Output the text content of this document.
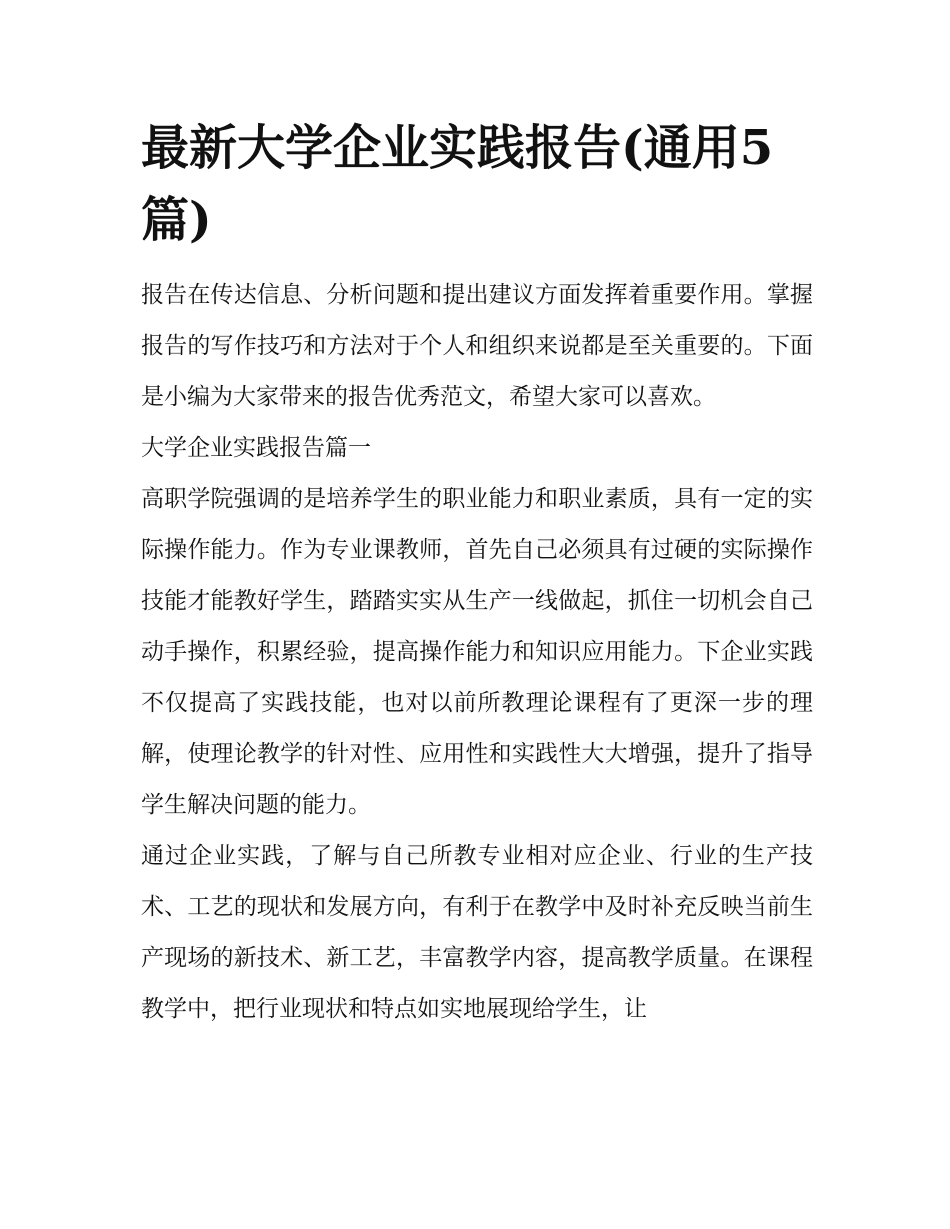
最新大学企业实践报告(通用5篇)

报告在传达信息、分析问题和提出建议方面发挥着重要作用。掌握报告的写作技巧和方法对于个人和组织来说都是至关重要的。下面是小编为大家带来的报告优秀范文，希望大家可以喜欢。

大学企业实践报告篇一

高职学院强调的是培养学生的职业能力和职业素质，具有一定的实际操作能力。作为专业课教师，首先自己必须具有过硬的实际操作技能才能教好学生，踏踏实实从生产一线做起，抓住一切机会自己动手操作，积累经验，提高操作能力和知识应用能力。下企业实践不仅提高了实践技能，也对以前所教理论课程有了更深一步的理解，使理论教学的针对性、应用性和实践性大大增强，提升了指导学生解决问题的能力。

通过企业实践，了解与自己所教专业相对应企业、行业的生产技术、工艺的现状和发展方向，有利于在教学中及时补充反映当前生产现场的新技术、新工艺，丰富教学内容，提高教学质量。在课程教学中，把行业现状和特点如实地展现给学生，让
